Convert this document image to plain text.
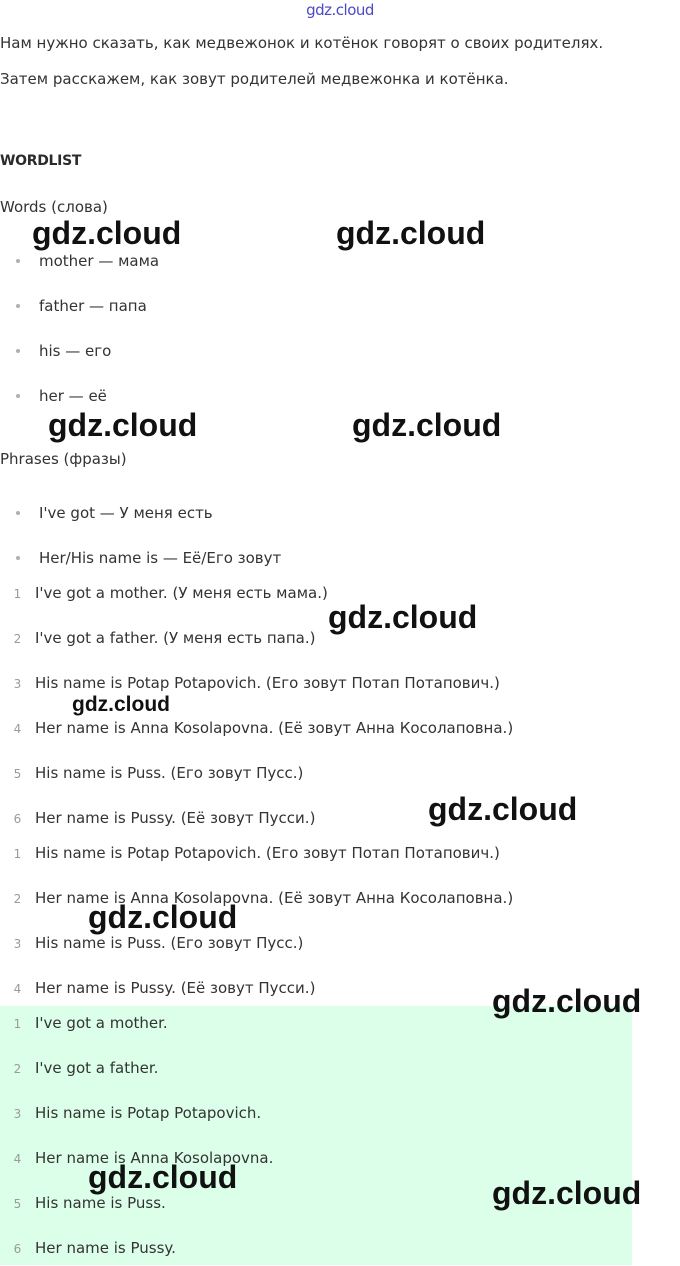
gdz.cloud
Нам нужно сказать, как медвежонок и котёнок говорят о своих родителях.
Затем расскажем, как зовут родителей медвежонка и котёнка.
WORDLIST
Words (слова)
mother — мама
father — папа
his — его
her — её
Phrases (фразы)
I've got — У меня есть
Her/His name is — Её/Его зовут
1 I've got a mother. (У меня есть мама.)
2 I've got a father. (У меня есть папа.)
3 His name is Potap Potapovich. (Его зовут Потап Потапович.)
4 Her name is Anna Kosolapovna. (Её зовут Анна Косолаповна.)
5 His name is Puss. (Его зовут Пусс.)
6 Her name is Pussy. (Её зовут Пусси.)
1 His name is Potap Potapovich. (Его зовут Потап Потапович.)
2 Her name is Anna Kosolapovna. (Её зовут Анна Косолаповна.)
3 His name is Puss. (Его зовут Пусс.)
4 Her name is Pussy. (Её зовут Пусси.)
1 I've got a mother.
2 I've got a father.
3 His name is Potap Potapovich.
4 Her name is Anna Kosolapovna.
5 His name is Puss.
6 Her name is Pussy.
gdz.cloud	gdz.cloud
gdz.cloud	gdz.cloud
gdz.cloud
gdz.cloud
gdz.cloud
gdz.cloud
gdz.cloud
gdz.cloud	gdz.cloud
